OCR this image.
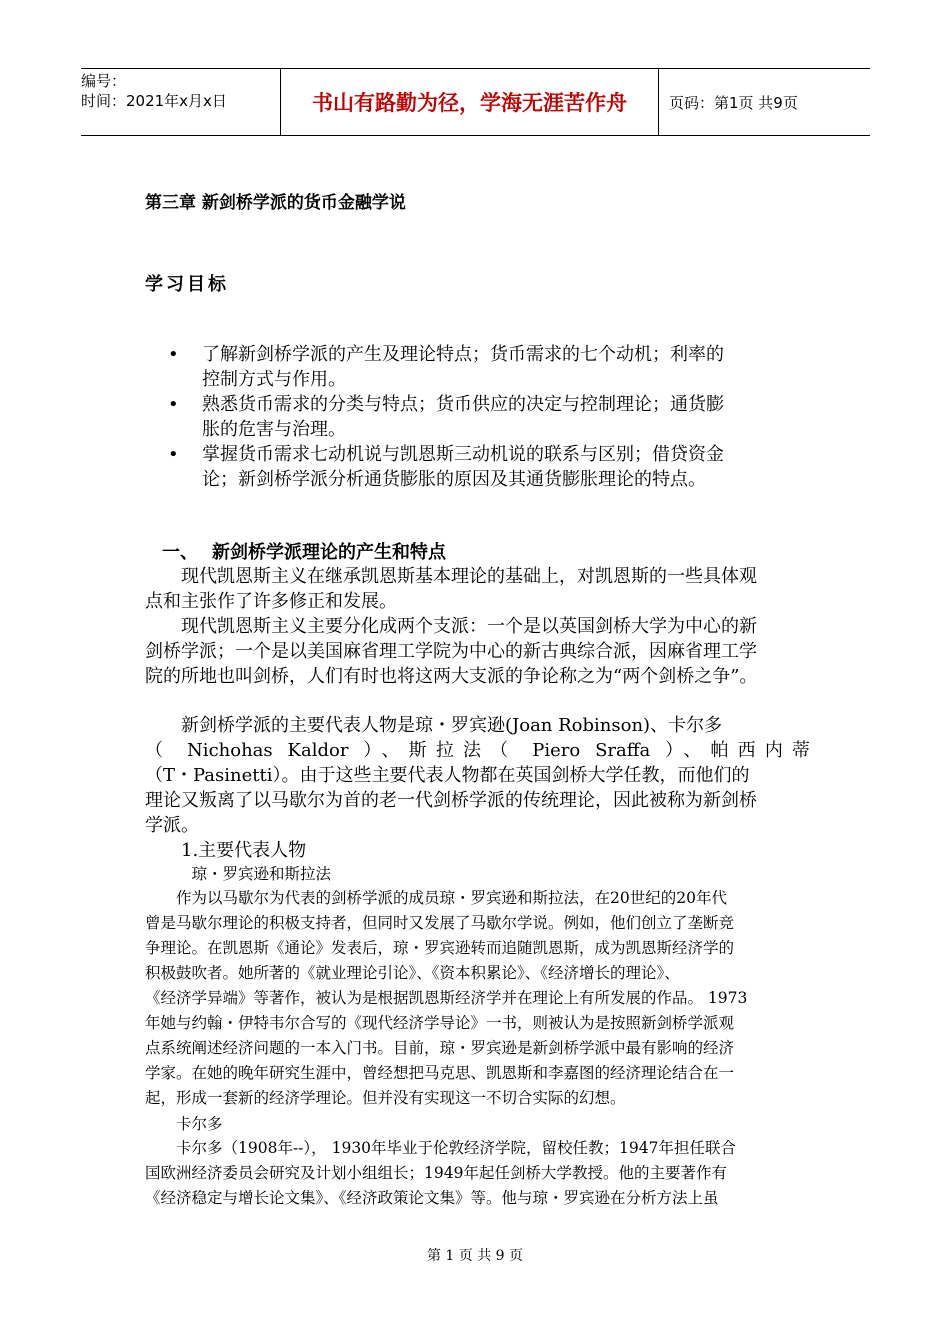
编号：
时间：2021年x月x日	书山有路勤为径，学海无涯苦作舟	页码：第1页 共9页
第三章 新剑桥学派的货币金融学说
学习目标
• 了解新剑桥学派的产生及理论特点；货币需求的七个动机；利率的
控制方式与作用。
• 熟悉货币需求的分类与特点；货币供应的决定与控制理论；通货膨
胀的危害与治理。
• 掌握货币需求七动机说与凯恩斯三动机说的联系与区别；借贷资金
论；新剑桥学派分析通货膨胀的原因及其通货膨胀理论的特点。
一、 新剑桥学派理论的产生和特点
　　现代凯恩斯主义在继承凯恩斯基本理论的基础上，对凯恩斯的一些具体观
点和主张作了许多修正和发展。
　　现代凯恩斯主义主要分化成两个支派：一个是以英国剑桥大学为中心的新
剑桥学派；一个是以美国麻省理工学院为中心的新古典综合派，因麻省理工学
院的所地也叫剑桥，人们有时也将这两大支派的争论称之为“两个剑桥之争”。
　　新剑桥学派的主要代表人物是琼・罗宾逊(Joan Robinson)、卡尔多
（ Nichohas Kaldor ）、斯拉法（ Piero Sraffa ）、帕西内蒂
（T・Pasinetti）。由于这些主要代表人物都在英国剑桥大学任教，而他们的
理论又叛离了以马歇尔为首的老一代剑桥学派的传统理论，因此被称为新剑桥
学派。
　　1.主要代表人物
　　　琼・罗宾逊和斯拉法
　　作为以马歇尔为代表的剑桥学派的成员琼・罗宾逊和斯拉法，在20世纪的20年代
曾是马歇尔理论的积极支持者，但同时又发展了马歇尔学说。例如，他们创立了垄断竞
争理论。在凯恩斯《通论》发表后，琼・罗宾逊转而追随凯恩斯，成为凯恩斯经济学的
积极鼓吹者。她所著的《就业理论引论》、《资本积累论》、《经济增长的理论》、
《经济学异端》等著作，被认为是根据凯恩斯经济学并在理论上有所发展的作品。 1973
年她与约翰・伊特韦尔合写的《现代经济学导论》一书，则被认为是按照新剑桥学派观
点系统阐述经济问题的一本入门书。目前，琼・罗宾逊是新剑桥学派中最有影响的经济
学家。在她的晚年研究生涯中，曾经想把马克思、凯恩斯和李嘉图的经济理论结合在一
起，形成一套新的经济学理论。但并没有实现这一不切合实际的幻想。
　　卡尔多
　　卡尔多（1908年--）， 1930年毕业于伦敦经济学院，留校任教；1947年担任联合
国欧洲经济委员会研究及计划小组组长；1949年起任剑桥大学教授。他的主要著作有
《经济稳定与增长论文集》、《经济政策论文集》等。他与琼・罗宾逊在分析方法上虽
第 1 页 共 9 页
